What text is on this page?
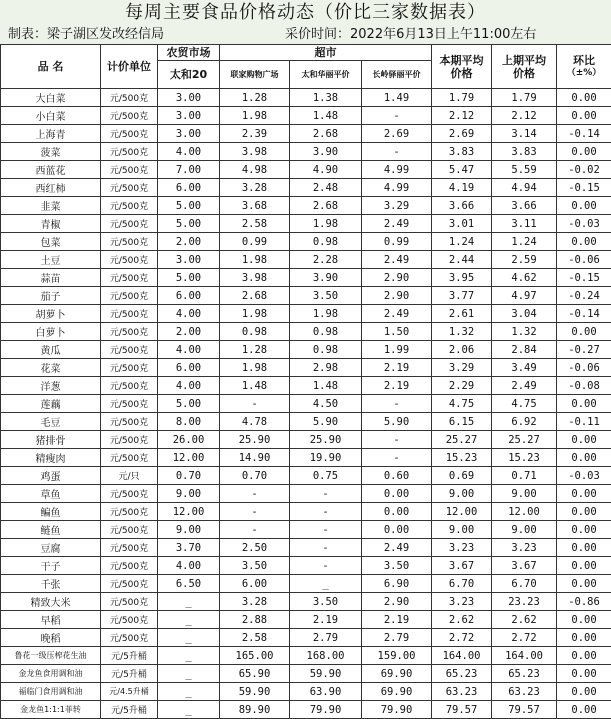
每周主要食品价格动态（价比三家数据表）
制表：梁子湖区发改经信局	采价时间：2022年6月13日上午11:00左右
品 名	计价单位	农贸市场	超市			本期平均价格	上期平均价格	环比
（±%）

		太和20	联家购物广场	太和华丽平价	长岭驿丽平价			
大白菜	元/500克	3.00	1.28	1.38	1.49	1.79	1.79	0.00
小白菜	元/500克	3.00	1.98	1.48	-	2.12	2.12	0.00
上海青	元/500克	3.00	2.39	2.68	2.69	2.69	3.14	-0.14
菠菜	元/500克	4.00	3.98	3.90	-	3.83	3.83	0.00
西蓝花	元/500克	7.00	4.98	4.90	4.99	5.47	5.59	-0.02
西红柿	元/500克	6.00	3.28	2.48	4.99	4.19	4.94	-0.15
韭菜	元/500克	5.00	3.68	2.68	3.29	3.66	3.66	0.00
青椒	元/500克	5.00	2.58	1.98	2.49	3.01	3.11	-0.03
包菜	元/500克	2.00	0.99	0.98	0.99	1.24	1.24	0.00
土豆	元/500克	3.00	1.98	2.28	2.49	2.44	2.59	-0.06
蒜苗	元/500克	5.00	3.98	3.90	2.90	3.95	4.62	-0.15
茄子	元/500克	6.00	2.68	3.50	2.90	3.77	4.97	-0.24
胡萝卜	元/500克	4.00	1.98	1.98	2.49	2.61	3.04	-0.14
白萝卜	元/500克	2.00	0.98	0.98	1.50	1.32	1.32	0.00
黄瓜	元/500克	4.00	1.28	0.98	1.99	2.06	2.84	-0.27
花菜	元/500克	6.00	1.98	2.98	2.19	3.29	3.49	-0.06
洋葱	元/500克	4.00	1.48	1.48	2.19	2.29	2.49	-0.08
莲藕	元/500克	5.00	-	4.50	-	4.75	4.75	0.00
毛豆	元/500克	8.00	4.78	5.90	5.90	6.15	6.92	-0.11
猪排骨	元/500克	26.00	25.90	25.90	-	25.27	25.27	0.00
精瘦肉	元/500克	12.00	14.90	19.90	-	15.23	15.23	0.00
鸡蛋	元/只	0.70	0.70	0.75	0.60	0.69	0.71	-0.03
草鱼	元/500克	9.00	-	-	0.00	9.00	9.00	0.00
鳊鱼	元/500克	12.00	-	-	0.00	12.00	12.00	0.00
鲢鱼	元/500克	9.00	-	-	0.00	9.00	9.00	0.00
豆腐	元/500克	3.70	2.50	-	2.49	3.23	3.23	0.00
干子	元/500克	4.00	3.50	-	3.50	3.67	3.67	0.00
千张	元/500克	6.50	6.00	_	6.90	6.70	6.70	0.00
精致大米	元/500克	_	3.28	3.50	2.90	3.23	23.23	-0.86
早稻	元/500克	_	2.88	2.19	2.19	2.62	2.62	0.00
晚稻	元/500克	_	2.58	2.79	2.79	2.72	2.72	0.00
鲁花一级压榨花生油	元/5升桶	_	165.00	168.00	159.00	164.00	164.00	0.00
金龙鱼食用调和油	元/5升桶	_	65.90	59.90	69.90	65.23	65.23	0.00
福临门食用调和油	元/4.5升桶	_	59.90	63.90	69.90	63.23	63.23	0.00
金龙鱼1:1:1菲转	元/5升桶	_	89.90	79.90	79.90	79.57	79.57	0.00
